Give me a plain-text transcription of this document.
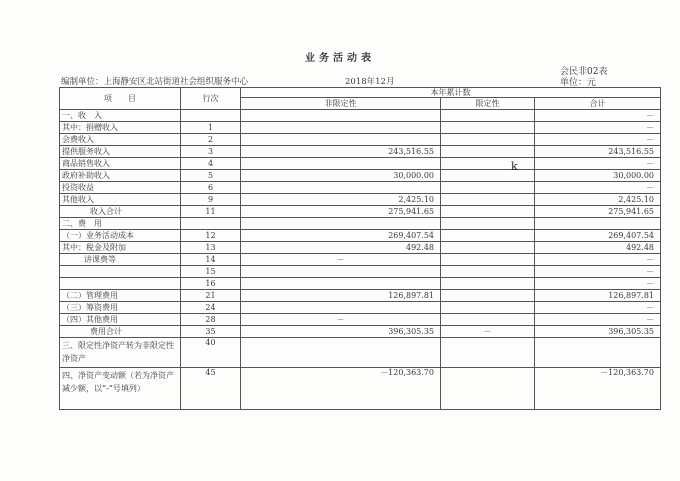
业务活动表
会民非02表
单位：元
编制单位：上海静安区北站街道社会组织服务中心	2018年12月
项　　目	行次	本年累计数		
		非限定性	限定性	合计
一、收　入				－
其中：捐赠收入	1			－
会费收入	2			－
提供服务收入	3	243,516.55		243,516.55
商品销售收入	4			－
政府补助收入	5	30,000.00		30,000.00
投资收益	6			－
其他收入	9	2,425.10		2,425.10
收入合计	11	275,941.65		275,941.65
二、费　用				
（一）业务活动成本	12	269,407.54		269,407.54
其中：税金及附加	13	492.48		492.48
讲课费等	14	－		－
	15			－
	16			－
（二）管理费用	21	126,897.81		126,897.81
（三）筹资费用	24			－
（四）其他费用	28	－		－
费用合计	35	396,305.35	－	396,305.35
三、限定性净资产转为非限定性净资产	40			
四、净资产变动额（若为净资产减少额，以“-”号填列）	45	－120,363.70		－120,363.70
k
